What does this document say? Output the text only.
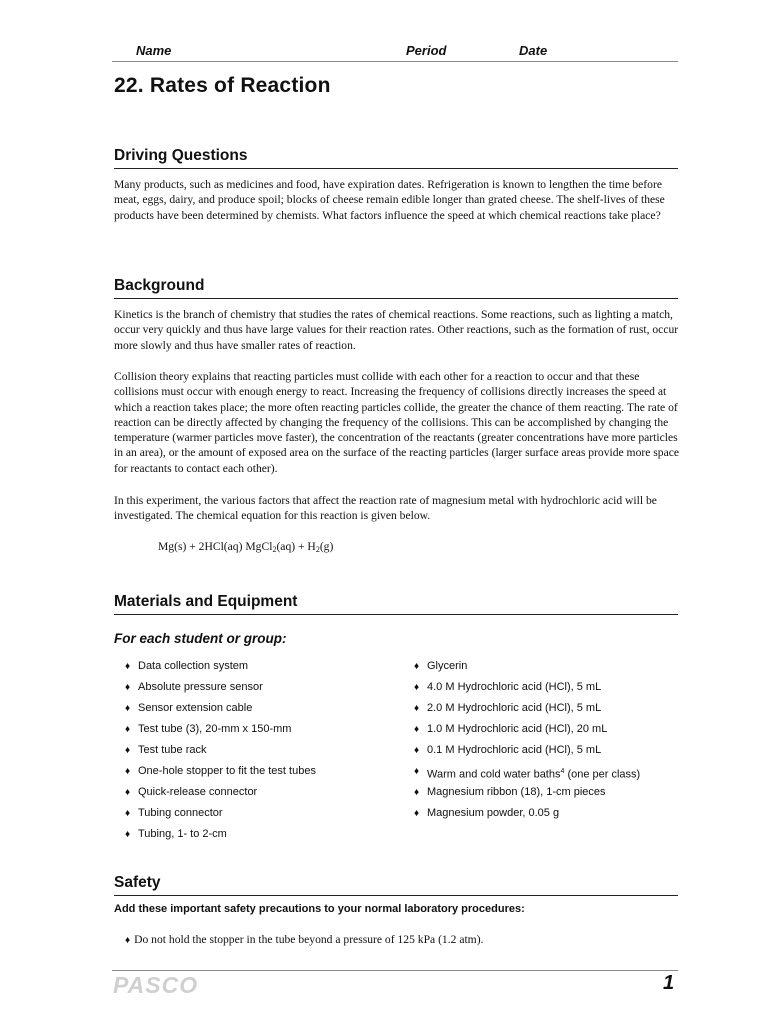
Name	Period	Date
22. Rates of Reaction
Driving Questions

Many products, such as medicines and food, have expiration dates. Refrigeration is known to lengthen the time before meat, eggs, dairy, and produce spoil; blocks of cheese remain edible longer than grated cheese. The shelf-lives of these products have been determined by chemists. What factors influence the speed at which chemical reactions take place?

Background

Kinetics is the branch of chemistry that studies the rates of chemical reactions. Some reactions, such as lighting a match, occur very quickly and thus have large values for their reaction rates. Other reactions, such as the formation of rust, occur more slowly and thus have smaller rates of reaction.

Collision theory explains that reacting particles must collide with each other for a reaction to occur and that these collisions must occur with enough energy to react. Increasing the frequency of collisions directly increases the speed at which a reaction takes place; the more often reacting particles collide, the greater the chance of them reacting. The rate of reaction can be directly affected by changing the frequency of the collisions. This can be accomplished by changing the temperature (warmer particles move faster), the concentration of the reactants (greater concentrations have more particles in an area), or the amount of exposed area on the surface of the reacting particles (larger surface areas provide more space for reactants to contact each other).

In this experiment, the various factors that affect the reaction rate of magnesium metal with hydrochloric acid will be investigated. The chemical equation for this reaction is given below.

Mg(s) + 2HCl(aq) MgCl$_2$(aq) + $H_2(g)$
Materials and Equipment
For each student or group:
♦ Data collection system
♦ Absolute pressure sensor
♦ Sensor extension cable
♦ Test tube (3), 20-mm x 150-mm
♦ Test tube rack
♦ One-hole stopper to fit the test tubes
♦ Quick-release connector
♦ Tubing connector
♦ Tubing, 1- to 2-cm
♦ Glycerin
♦ 4.0 M Hydrochloric acid (HCl), 5 mL
♦ 2.0 M Hydrochloric acid (HCl), 5 mL
♦ 1.0 M Hydrochloric acid (HCl), 20 mL
♦ 0.1 M Hydrochloric acid (HCl), 5 mL
♦ Warm and cold water baths$^4$ (one per class)
♦ Magnesium ribbon (18), 1-cm pieces
♦ Magnesium powder, 0.05 g
Safety

Add these important safety precautions to your normal laboratory procedures:

♦ Do not hold the stopper in the tube beyond a pressure of 125 kPa (1.2 atm).

PASCO	1
